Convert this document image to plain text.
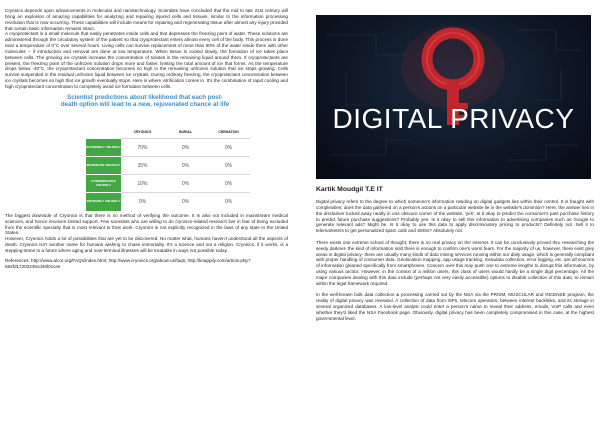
Cryonics depends upon advancements in molecular and nanotechnology. Scientists have concluded that the mid to late 21st century will bring an explosion of amazing capabilities for analyzing and repairing injured cells and tissues, similar to the information processing revolution that is now occurring. These capabilities will include means for repairing and regenerating tissue after almost any injury provided that certain basic information remains intact.

A cryoprotectant is a small molecule that easily penetrates inside cells and that depresses the freezing point of water. These solutions are administered through the circulatory system of the patient so that cryoprotectant enters almost every cell of the body. This process is done near a temperature of 0°C over several hours. Living cells can survive replacement of more than 50% of the water inside them with other molecules -- if introduction and removal are done at low temperature. When tissue is cooled slowly, the formation of ice takes place between cells. The growing ice crystals increase the concentration of solutes in the remaining liquid around them. If cryoprotectants are present, the freezing point of the unfrozen solution drops more and faster, limiting the total amount of ice that forms. As the temperature drops below -40°C, the cryoprotectant concentration becomes so high in the remaining unfrozen solution that ice stops growing. Cells survive suspended in the residual unfrozen liquid between ice crystals. During ordinary freezing, the cryoprotectant concentration between ice crystals becomes so high that ice growth eventually stops. Here is where vitrification comes in. It's the combination of rapid cooling and high cryoprotectant concentration to completely avoid ice formation between cells.

Scientist predictions about likelihood that each post-death option will lead to a new, rejuvenated chance at life
	CRYONICS	BURIAL	CREMATION
EXTREMELY UNLIKELY	70%	0%	0%
MODERATE UNLIKELY	35%	0%	0%
CONSIDERABLE UNLIKELY	10%	0%	0%
PROBABLY UNLIKELY	0%	0%	0%

The biggest downside of Cryonics is that there is no method of verifying the outcome. It is also not included in mainstream medical sciences, and hence receives limited support. Few scientists who are willing to do cryonics-related research live in fear of being excluded from the scientific specialty that is most relevant to their work. Cryonics is not explicitly recognized in the laws of any state in the United States.

However, Cryonics holds a lot of possibilities that are yet to be discovered. No matter what, humans haven't understood all the aspects of death. Cryonics isn't another name for humans wishing to chase immortality. It's a science and not a religion. Cryonics, if it works, is a stepping-stone to a future where aging and now-terminal illnesses will be treatable in ways not possible today.

References: http://www.alcor.org/FAQs/index.html; http://www.cryonics.org/about-us/faqs; http://knappily.com/article.php?582fd17202236cd46f0ccee

DIGITAL PRIVACY
Kartik Moudgil T.E IT

Digital privacy refers to the degree to which someone's information residing on digital gadgets lies within their control. It is fraught with complexities; does the data gathered on a person's actions on a particular website lie in the website's dominion? Here, the answer lies in the disclaimer tucked away neatly in one obscure corner of the website, 'yes'. Is it okay to predict the consumer's past purchase history to predict future purchase suggestions? Probably yes. Is it okay to sell this information to advertising companies such as Google to generate relevant ads? Might be. Is it okay to use this data to apply discriminatory pricing to products? Definitely not. Sell it to telemarketers to get personalized spam calls and SMSs? Absolutely not.

There exists one extreme school of thought; there is no real privacy on the Internet. It can be conclusively proved thru researching the seedy darknet- the kind of information sold there is enough to confirm one's worst fears. For the majority of us, however, there exist grey areas in digital privacy- there are usually many kinds of data mining services running within our daily usage, which is generally compliant with proper handling of consumer data. Geolocation mapping, app usage tracking, metadata collection, error logging, etc. are all sources of information gleaned specifically from smartphones. Concern over this may push one to extreme lengths to disrupt this information, by using various tactics. However, in the context of a million users, this class of users would hardly be a single digit percentage. All the major companies dealing with this data include (perhaps not very easily accessible) options to disable collection of this data, to remain within the legal framework required.

In the well-known bulk data collection & processing carried out by the NSA via the PRISM, MUSCULAR and INCENSE program, the reality of digital privacy was revealed. A collection of data from ISPs, telecom operators, between internet backlinks, and its storage in several organized databases. A low-level analyst could enter a person's name to reveal their address, emails, VoIP calls and even whether they'd liked the NSA Facebook page. Obviously, digital privacy has been completely compromised in this case, at the highest governmental level.
